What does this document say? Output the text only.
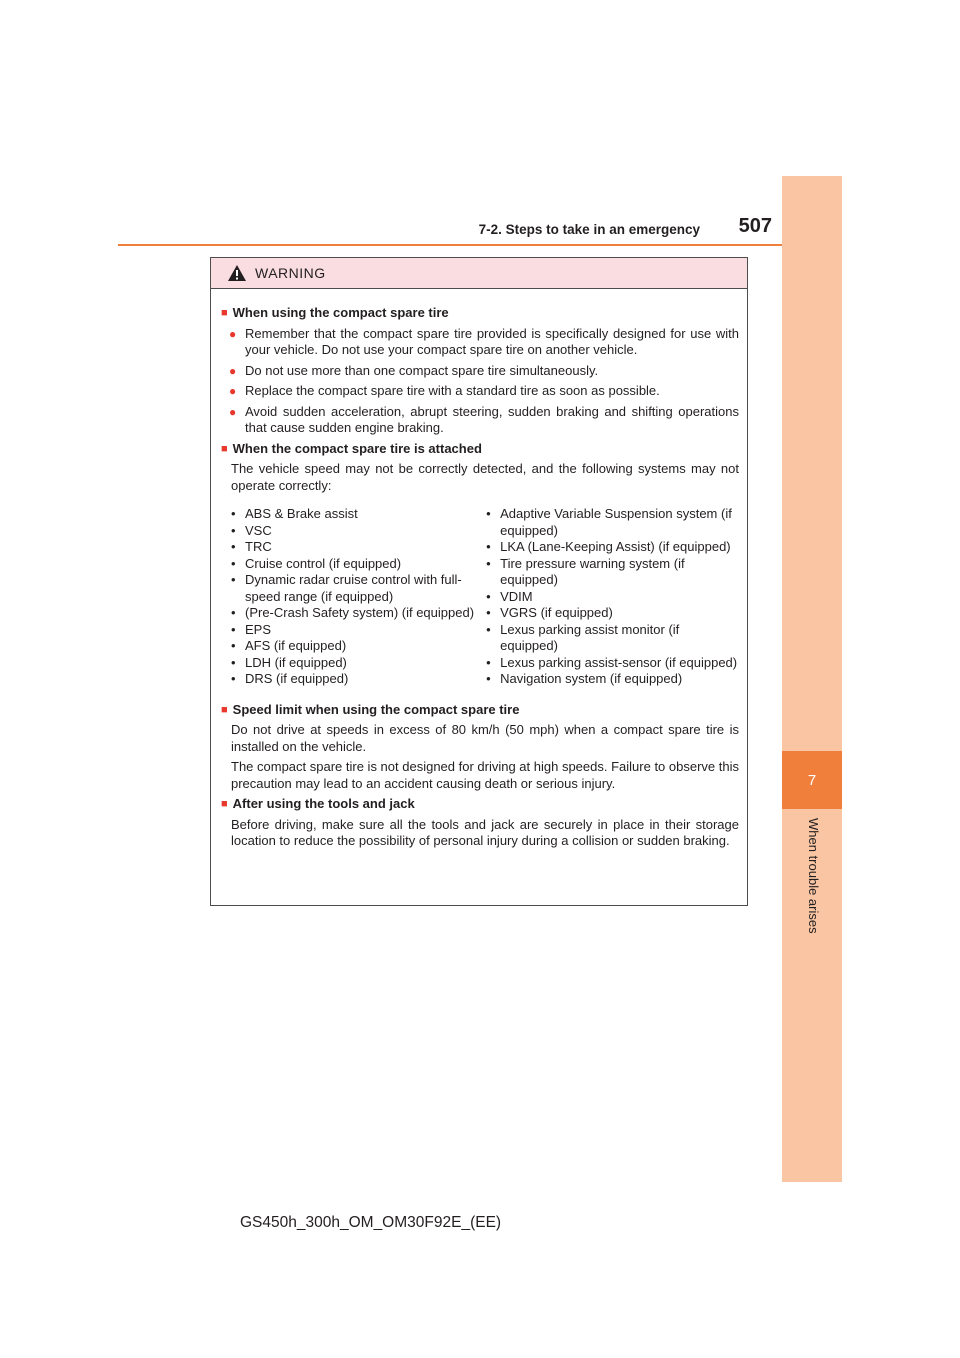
7
When trouble arises
7-2. Steps to take in an emergency 507
WARNING
■ When using the compact spare tire
● Remember that the compact spare tire provided is specifically designed for use with your vehicle. Do not use your compact spare tire on another vehicle.
● Do not use more than one compact spare tire simultaneously.
● Replace the compact spare tire with a standard tire as soon as possible.
● Avoid sudden acceleration, abrupt steering, sudden braking and shifting operations that cause sudden engine braking.
■ When the compact spare tire is attached
The vehicle speed may not be correctly detected, and the following systems may not operate correctly:
• ABS & Brake assist
• VSC
• TRC
• Cruise control (if equipped)
• Dynamic radar cruise control with full-speed range (if equipped)
• (Pre-Crash Safety system) (if equipped)
• EPS
• AFS (if equipped)
• LDH (if equipped)
• DRS (if equipped)
• Adaptive Variable Suspension system (if equipped)
• LKA (Lane-Keeping Assist) (if equipped)
• Tire pressure warning system (if equipped)
• VDIM
• VGRS (if equipped)
• Lexus parking assist monitor (if equipped)
• Lexus parking assist-sensor (if equipped)
• Navigation system (if equipped)
■ Speed limit when using the compact spare tire
Do not drive at speeds in excess of 80 km/h (50 mph) when a compact spare tire is installed on the vehicle.
The compact spare tire is not designed for driving at high speeds. Failure to observe this precaution may lead to an accident causing death or serious injury.
■ After using the tools and jack
Before driving, make sure all the tools and jack are securely in place in their storage location to reduce the possibility of personal injury during a collision or sudden braking.
GS450h_300h_OM_OM30F92E_(EE)
